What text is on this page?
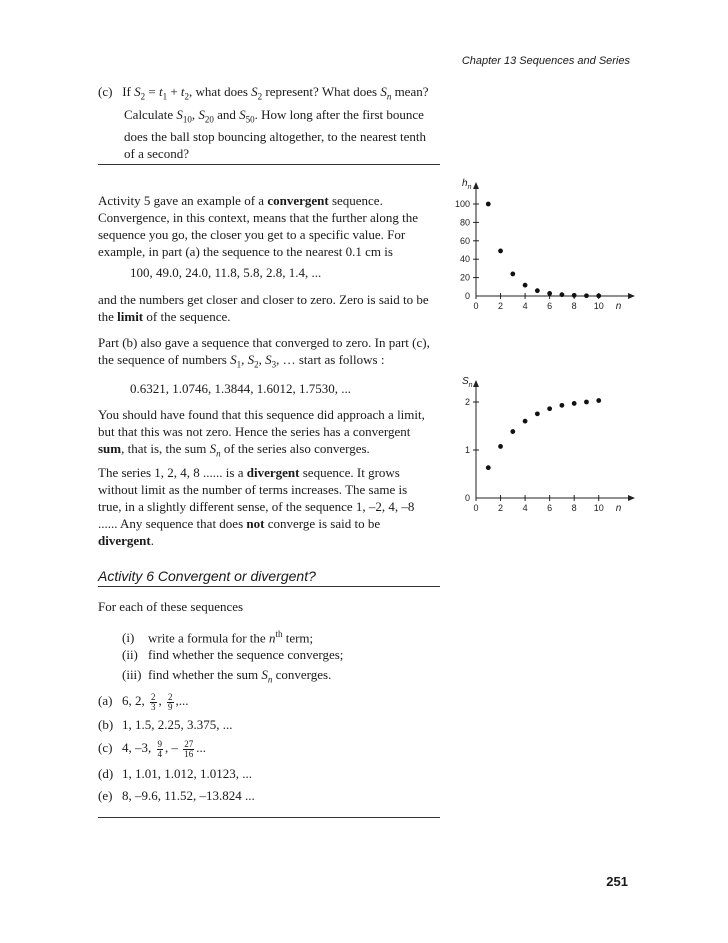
Chapter 13 Sequences and Series
(c) If $S_2 = t_1 + t_2$, what does $S_2$ represent? What does $S_n$ mean?
Calculate $S_{10}$, $S_{20}$ and $S_{50}$. How long after the first bounce
does the ball stop bouncing altogether, to the nearest tenth
of a second?
Activity 5 gave an example of a convergent sequence.
Convergence, in this context, means that the further along the
sequence you go, the closer you get to a specific value. For
example, in part (a) the sequence to the nearest 0.1 cm is
100, 49.0, 24.0, 11.8, 5.8, 2.8, 1.4, ...
and the numbers get closer and closer to zero. Zero is said to be
the limit of the sequence.
Part (b) also gave a sequence that converged to zero. In part (c),
the sequence of numbers $S_1$, $S_2$, $S_3$, … start as follows :
0.6321, 1.0746, 1.3844, 1.6012, 1.7530, ...
You should have found that this sequence did approach a limit,
but that this was not zero. Hence the series has a convergent
sum, that is, the sum $S_n$ of the series also converges.
The series 1, 2, 4, 8 ...... is a divergent sequence. It grows
without limit as the number of terms increases. The same is
true, in a slightly different sense, of the sequence 1, –2, 4, –8
...... Any sequence that does not converge is said to be
divergent.
Activity 6 Convergent or divergent?
For each of these sequences
(i) write a formula for the $n^{th}$ term;
(ii) find whether the sequence converges;
(iii) find whether the sum $S_n$ converges.
(a) 6, 2, $\frac{2}{3}$ , $\frac{2}{9}$ ,...
(b) 1, 1.5, 2.25, 3.375, ...
(c) 4, –3, $\frac{9}{4}$ , – $\frac{27}{16}$ ...
(d) 1, 1.01, 1.012, 1.0123, ...
(e) 8, –9.6, 11.52, –13.824 ...
251
0 2 4 6 8 10
0
20
40
60
80
100
$h_n$
n
0 2 4 6 8 10
0
1
2
$S_n$
n
